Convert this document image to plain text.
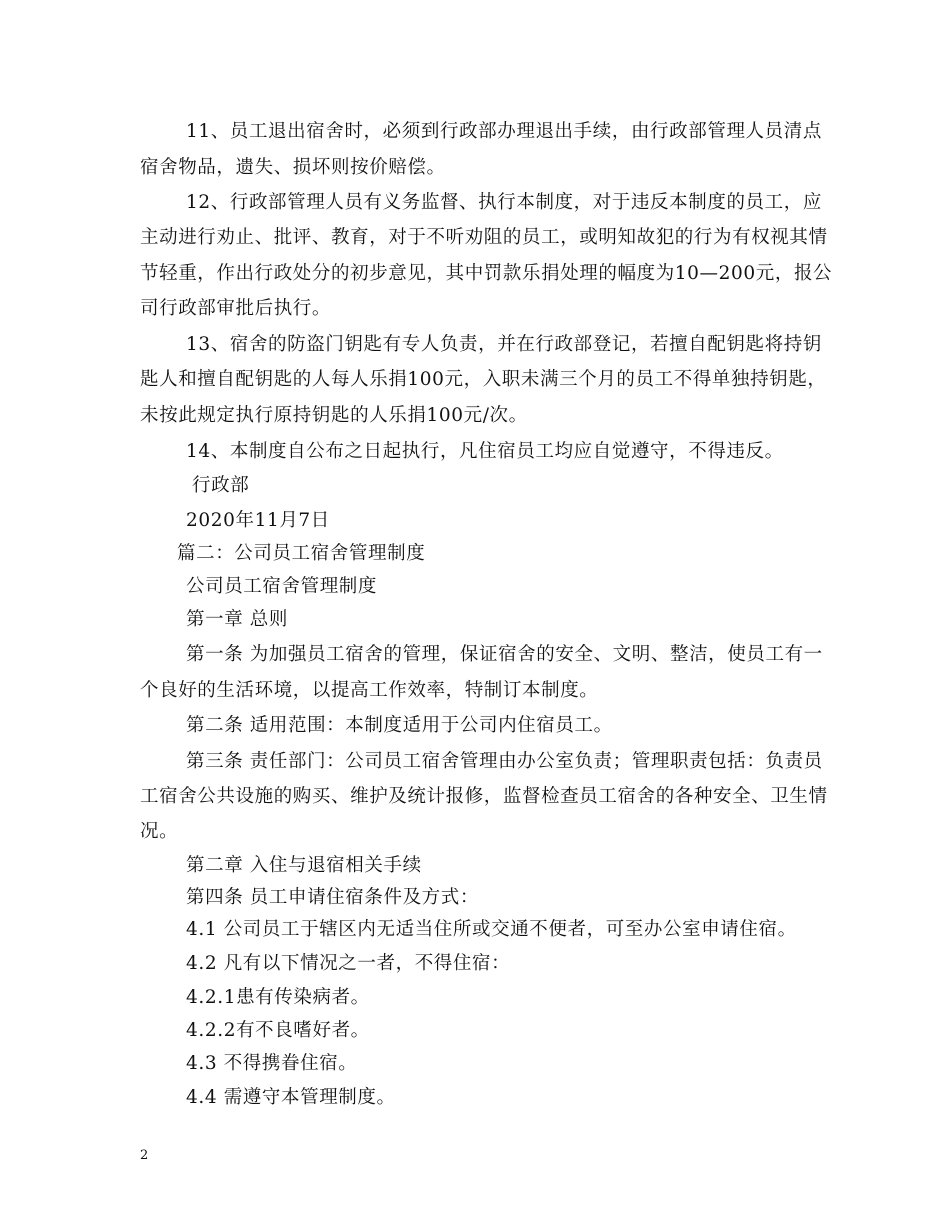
11、员工退出宿舍时，必须到行政部办理退出手续，由行政部管理人员清点
宿舍物品，遗失、损坏则按价赔偿。
12、行政部管理人员有义务监督、执行本制度，对于违反本制度的员工，应
主动进行劝止、批评、教育，对于不听劝阻的员工，或明知故犯的行为有权视其情
节轻重，作出行政处分的初步意见，其中罚款乐捐处理的幅度为10—200元，报公
司行政部审批后执行。
13、宿舍的防盗门钥匙有专人负责，并在行政部登记，若擅自配钥匙将持钥
匙人和擅自配钥匙的人每人乐捐100元，入职未满三个月的员工不得单独持钥匙，
未按此规定执行原持钥匙的人乐捐100元/次。
14、本制度自公布之日起执行，凡住宿员工均应自觉遵守，不得违反。
行政部
2020年11月7日
篇二：公司员工宿舍管理制度
公司员工宿舍管理制度
第一章 总则
第一条 为加强员工宿舍的管理，保证宿舍的安全、文明、整洁，使员工有一
个良好的生活环境，以提高工作效率，特制订本制度。
第二条 适用范围：本制度适用于公司内住宿员工。
第三条 责任部门：公司员工宿舍管理由办公室负责；管理职责包括：负责员
工宿舍公共设施的购买、维护及统计报修，监督检查员工宿舍的各种安全、卫生情
况。
第二章 入住与退宿相关手续
第四条 员工申请住宿条件及方式：
4.1 公司员工于辖区内无适当住所或交通不便者，可至办公室申请住宿。
4.2 凡有以下情况之一者，不得住宿：
4.2.1患有传染病者。
4.2.2有不良嗜好者。
4.3 不得携眷住宿。
4.4 需遵守本管理制度。
2
